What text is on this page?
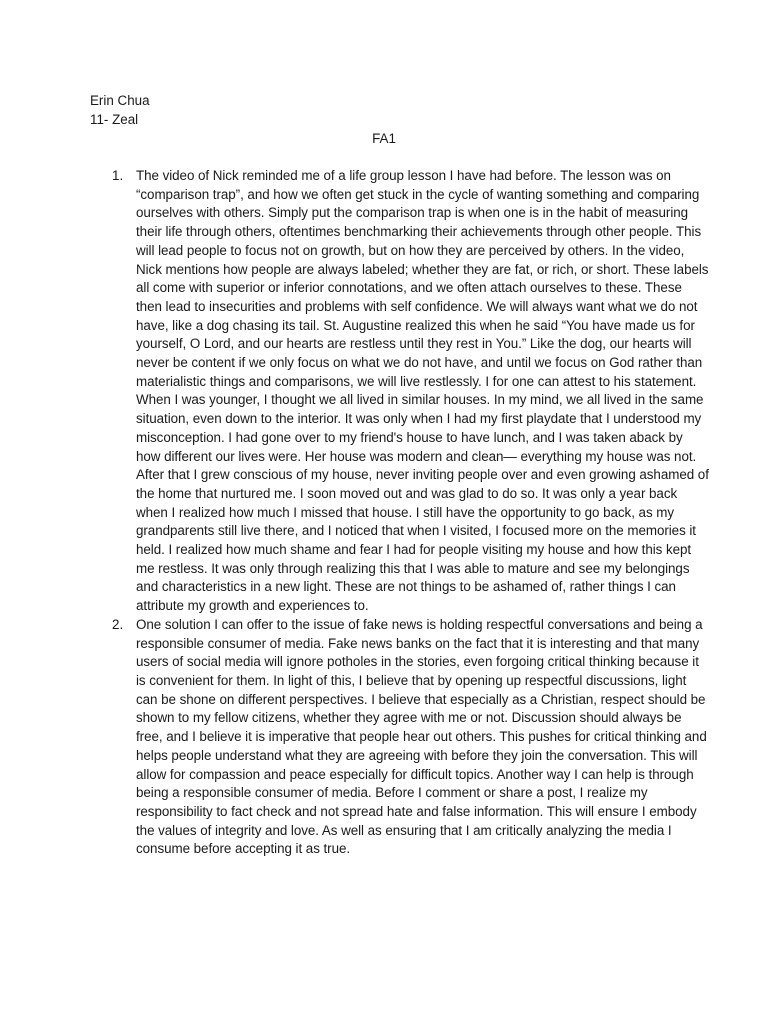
Erin Chua
11- Zeal
FA1
1. The video of Nick reminded me of a life group lesson I have had before. The lesson was on “comparison trap”, and how we often get stuck in the cycle of wanting something and comparing ourselves with others. Simply put the comparison trap is when one is in the habit of measuring their life through others, oftentimes benchmarking their achievements through other people. This will lead people to focus not on growth, but on how they are perceived by others. In the video, Nick mentions how people are always labeled; whether they are fat, or rich, or short. These labels all come with superior or inferior connotations, and we often attach ourselves to these. These then lead to insecurities and problems with self confidence. We will always want what we do not have, like a dog chasing its tail. St. Augustine realized this when he said “You have made us for yourself, O Lord, and our hearts are restless until they rest in You.” Like the dog, our hearts will never be content if we only focus on what we do not have, and until we focus on God rather than materialistic things and comparisons, we will live restlessly. I for one can attest to his statement. When I was younger, I thought we all lived in similar houses. In my mind, we all lived in the same situation, even down to the interior. It was only when I had my first playdate that I understood my misconception. I had gone over to my friend's house to have lunch, and I was taken aback by how different our lives were. Her house was modern and clean— everything my house was not. After that I grew conscious of my house, never inviting people over and even growing ashamed of the home that nurtured me. I soon moved out and was glad to do so. It was only a year back when I realized how much I missed that house. I still have the opportunity to go back, as my grandparents still live there, and I noticed that when I visited, I focused more on the memories it held. I realized how much shame and fear I had for people visiting my house and how this kept me restless. It was only through realizing this that I was able to mature and see my belongings and characteristics in a new light. These are not things to be ashamed of, rather things I can attribute my growth and experiences to.
2. One solution I can offer to the issue of fake news is holding respectful conversations and being a responsible consumer of media. Fake news banks on the fact that it is interesting and that many users of social media will ignore potholes in the stories, even forgoing critical thinking because it is convenient for them. In light of this, I believe that by opening up respectful discussions, light can be shone on different perspectives. I believe that especially as a Christian, respect should be shown to my fellow citizens, whether they agree with me or not. Discussion should always be free, and I believe it is imperative that people hear out others. This pushes for critical thinking and helps people understand what they are agreeing with before they join the conversation. This will allow for compassion and peace especially for difficult topics. Another way I can help is through being a responsible consumer of media. Before I comment or share a post, I realize my responsibility to fact check and not spread hate and false information. This will ensure I embody the values of integrity and love. As well as ensuring that I am critically analyzing the media I consume before accepting it as true.
